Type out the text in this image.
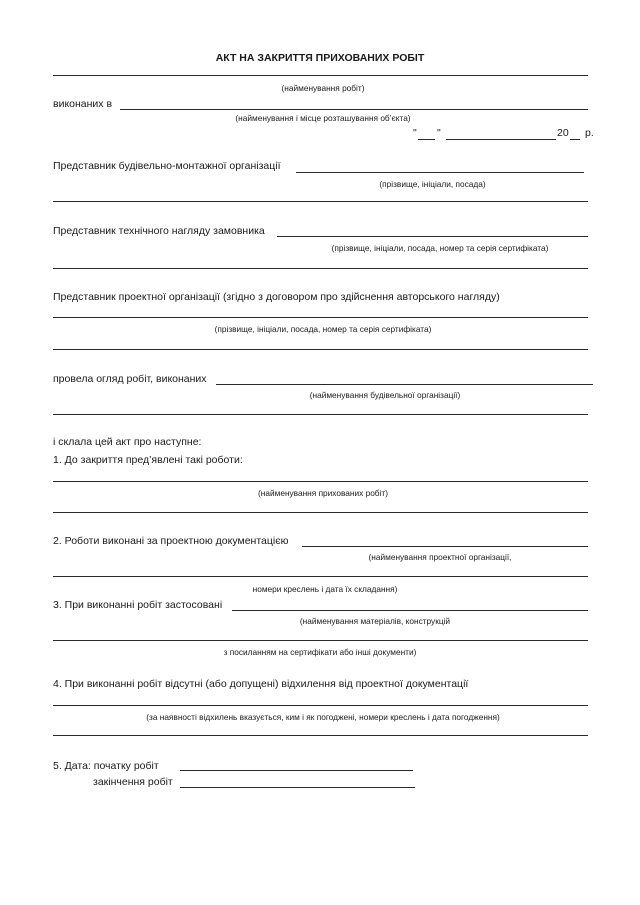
АКТ НА ЗАКРИТТЯ ПРИХОВАНИХ РОБІТ
(найменування робіт)
виконаних в
(найменування і місце розташування об’єкта)
" "	20 р.
Представник будівельно-монтажної організації
(прізвище, ініціали, посада)
Представник технічного нагляду замовника
(прізвище, ініціали, посада, номер та серія сертифіката)
Представник проектної організації (згідно з договором про здійснення авторського нагляду)
(прізвище, ініціали, посада, номер та серія сертифіката)
провела огляд робіт, виконаних
(найменування будівельної організації)
і склала цей акт про наступне:
1. До закриття пред’явлені такі роботи:
(найменування прихованих робіт)
2. Роботи виконані за проектною документацією
(найменування проектної організації,
номери креслень і дата їх складання)
3. При виконанні робіт застосовані
(найменування матеріалів, конструкцій
з посиланням на сертифікати або інші документи)
4. При виконанні робіт відсутні (або допущені) відхилення від проектної документації
(за наявності відхилень вказується, ким і як погоджені, номери креслень і дата погодження)
5. Дата: початку робіт
закінчення робіт
